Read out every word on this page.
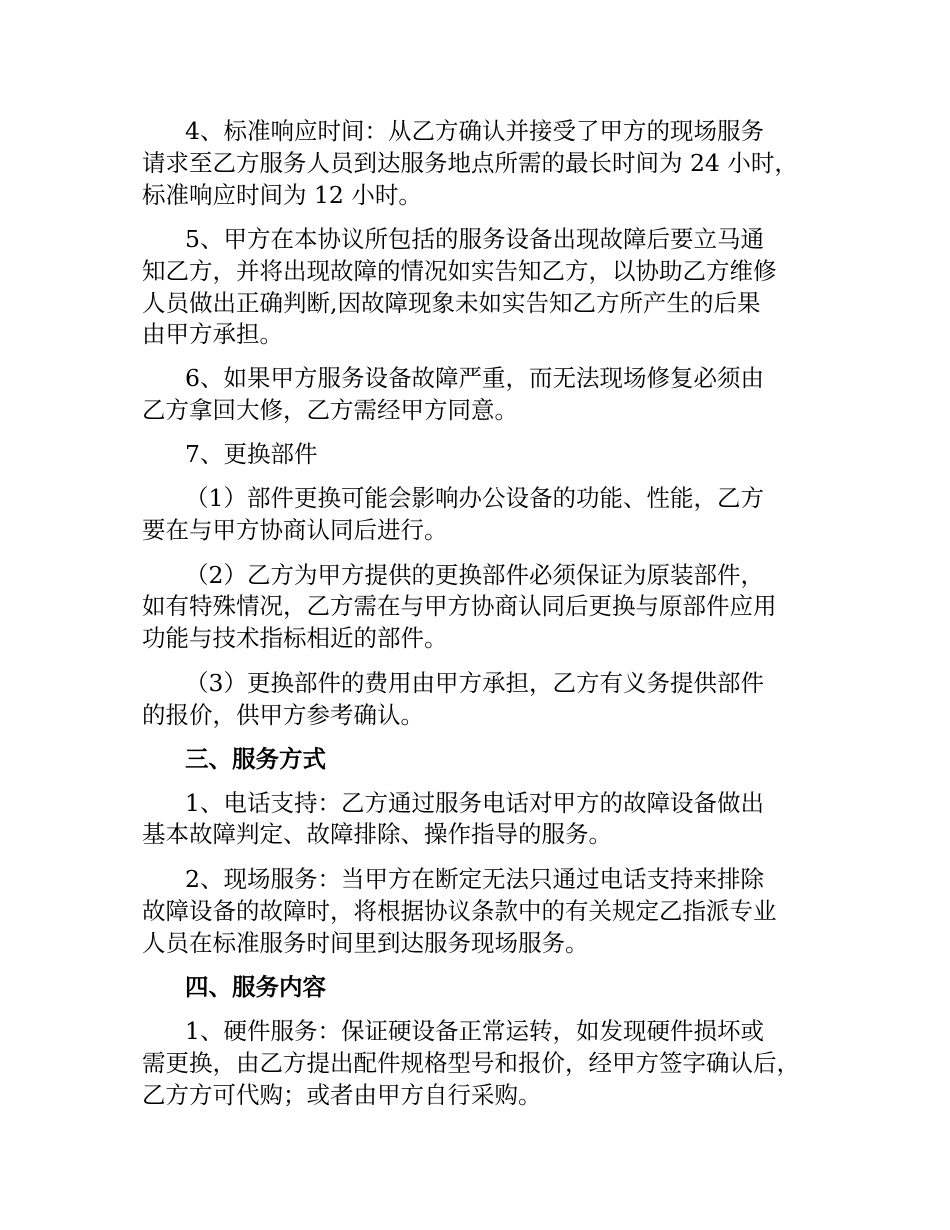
4、标准响应时间：从乙方确认并接受了甲方的现场服务
请求至乙方服务人员到达服务地点所需的最长时间为 24 小时，
标准响应时间为 12 小时。
5、甲方在本协议所包括的服务设备出现故障后要立马通
知乙方，并将出现故障的情况如实告知乙方，以协助乙方维修
人员做出正确判断,因故障现象未如实告知乙方所产生的后果
由甲方承担。
6、如果甲方服务设备故障严重，而无法现场修复必须由
乙方拿回大修，乙方需经甲方同意。
7、更换部件
（1）部件更换可能会影响办公设备的功能、性能，乙方
要在与甲方协商认同后进行。
（2）乙方为甲方提供的更换部件必须保证为原装部件，
如有特殊情况，乙方需在与甲方协商认同后更换与原部件应用
功能与技术指标相近的部件。
（3）更换部件的费用由甲方承担，乙方有义务提供部件
的报价，供甲方参考确认。
三、服务方式
1、电话支持：乙方通过服务电话对甲方的故障设备做出
基本故障判定、故障排除、操作指导的服务。
2、现场服务：当甲方在断定无法只通过电话支持来排除
故障设备的故障时，将根据协议条款中的有关规定乙指派专业
人员在标准服务时间里到达服务现场服务。
四、服务内容
1、硬件服务：保证硬设备正常运转，如发现硬件损坏或
需更换，由乙方提出配件规格型号和报价，经甲方签字确认后，
乙方方可代购；或者由甲方自行采购。
